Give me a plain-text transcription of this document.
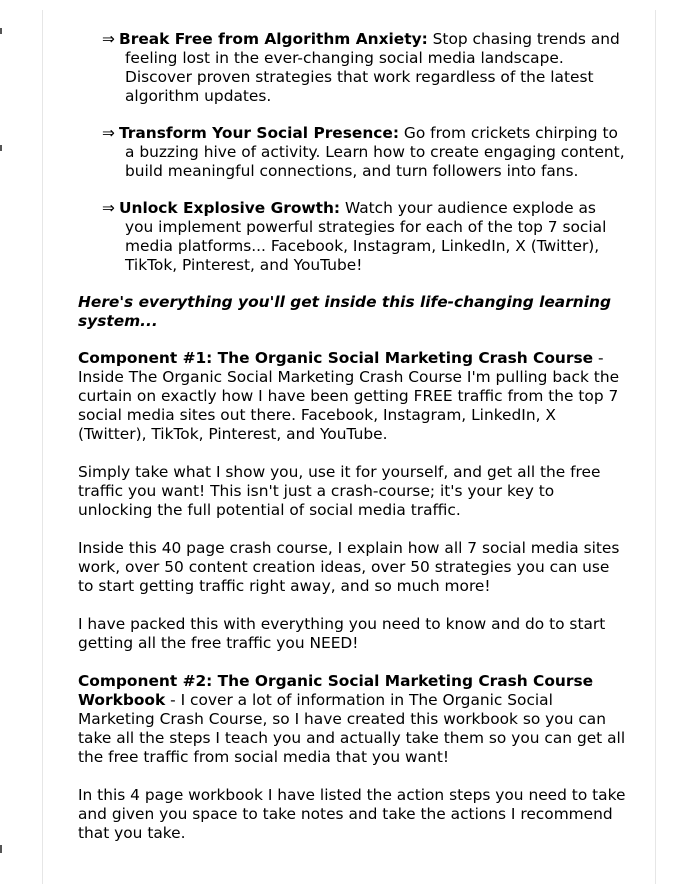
⇒ Break Free from Algorithm Anxiety: Stop chasing trends and feeling lost in the ever-changing social media landscape. Discover proven strategies that work regardless of the latest algorithm updates.
⇒ Transform Your Social Presence: Go from crickets chirping to a buzzing hive of activity. Learn how to create engaging content, build meaningful connections, and turn followers into fans.
⇒ Unlock Explosive Growth: Watch your audience explode as you implement powerful strategies for each of the top 7 social media platforms... Facebook, Instagram, LinkedIn, X (Twitter), TikTok, Pinterest, and YouTube!
Here's everything you'll get inside this life-changing learning system...

Component #1: The Organic Social Marketing Crash Course - Inside The Organic Social Marketing Crash Course I'm pulling back the curtain on exactly how I have been getting FREE traffic from the top 7 social media sites out there. Facebook, Instagram, LinkedIn, X (Twitter), TikTok, Pinterest, and YouTube.

Simply take what I show you, use it for yourself, and get all the free traffic you want! This isn't just a crash-course; it's your key to unlocking the full potential of social media traffic.

Inside this 40 page crash course, I explain how all 7 social media sites work, over 50 content creation ideas, over 50 strategies you can use to start getting traffic right away, and so much more!

I have packed this with everything you need to know and do to start getting all the free traffic you NEED!

Component #2: The Organic Social Marketing Crash Course Workbook - I cover a lot of information in The Organic Social Marketing Crash Course, so I have created this workbook so you can take all the steps I teach you and actually take them so you can get all the free traffic from social media that you want!

In this 4 page workbook I have listed the action steps you need to take and given you space to take notes and take the actions I recommend that you take.
